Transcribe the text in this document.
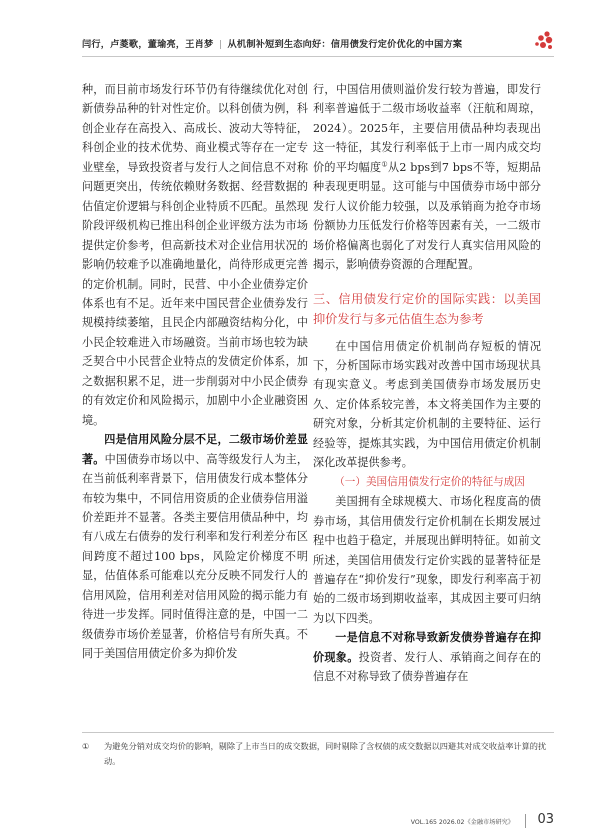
闫行，卢菱歌，董瑜亮，王肖梦 | 从机制补短到生态向好：信用债发行定价优化的中国方案

种，而目前市场发行环节仍有待继续优化对创新债券品种的针对性定价。以科创债为例，科创企业存在高投入、高成长、波动大等特征，科创企业的技术优势、商业模式等存在一定专业壁垒，导致投资者与发行人之间信息不对称问题更突出，传统依赖财务数据、经营数据的估值定价逻辑与科创企业特质不匹配。虽然现阶段评级机构已推出科创企业评级方法为市场提供定价参考，但高新技术对企业信用状况的影响仍较难予以准确地量化，尚待形成更完善的定价机制。同时，民营、中小企业债券定价体系也有不足。近年来中国民营企业债券发行规模持续萎缩，且民企内部融资结构分化，中小民企较难进入市场融资。当前市场也较为缺乏契合中小民营企业特点的发债定价体系，加之数据积累不足，进一步削弱对中小民企债券的有效定价和风险揭示，加剧中小企业融资困境。

四是信用风险分层不足，二级市场价差显著。中国债券市场以中、高等级发行人为主，在当前低利率背景下，信用债发行成本整体分布较为集中，不同信用资质的企业债券信用溢价差距并不显著。各类主要信用债品种中，均有八成左右债券的发行利率和发行利差分布区间跨度不超过100 bps，风险定价梯度不明显，估值体系可能难以充分反映不同发行人的信用风险，信用利差对信用风险的揭示能力有待进一步发挥。同时值得注意的是，中国一二级债券市场价差显著，价格信号有所失真。不同于美国信用债定价多为抑价发

行，中国信用债则溢价发行较为普遍，即发行利率普遍低于二级市场收益率（汪航和周琼，2024）。2025年，主要信用债品种均表现出这一特征，其发行利率低于上市一周内成交均价的平均幅度①从2 bps到7 bps不等，短期品种表现更明显。这可能与中国债券市场中部分发行人议价能力较强，以及承销商为抢夺市场份额协力压低发行价格等因素有关，一二级市场价格偏离也弱化了对发行人真实信用风险的揭示，影响债券资源的合理配置。

三、信用债发行定价的国际实践：以美国抑价发行与多元估值生态为参考

在中国信用债定价机制尚存短板的情况下，分析国际市场实践对改善中国市场现状具有现实意义。考虑到美国债券市场发展历史久、定价体系较完善，本文将美国作为主要的研究对象，分析其定价机制的主要特征、运行经验等，提炼其实践，为中国信用债定价机制深化改革提供参考。

（一）美国信用债发行定价的特征与成因

美国拥有全球规模大、市场化程度高的债券市场，其信用债发行定价机制在长期发展过程中也趋于稳定，并展现出鲜明特征。如前文所述，美国信用债发行定价实践的显著特征是普遍存在“抑价发行”现象，即发行利率高于初始的二级市场到期收益率，其成因主要可归纳为以下四类。

一是信息不对称导致新发债券普遍存在抑价现象。投资者、发行人、承销商之间存在的信息不对称导致了债券普遍存在

①	为避免分销对成交均价的影响，剔除了上市当日的成交数据，同时剔除了含权债的成交数据以四避其对成交收益率计算的扰动。
VOL.165 2026.02《金融市场研究》 03
